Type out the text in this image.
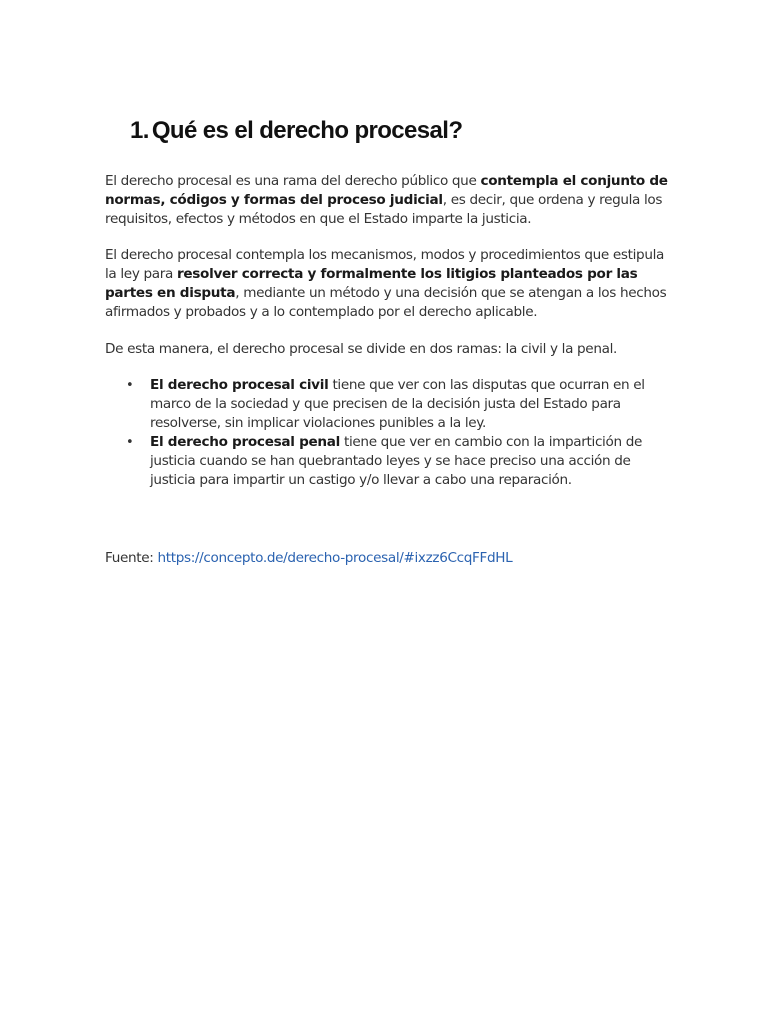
1. Qué es el derecho procesal?

El derecho procesal es una rama del derecho público que contempla el conjunto de normas, códigos y formas del proceso judicial, es decir, que ordena y regula los requisitos, efectos y métodos en que el Estado imparte la justicia.

El derecho procesal contempla los mecanismos, modos y procedimientos que estipula la ley para resolver correcta y formalmente los litigios planteados por las partes en disputa, mediante un método y una decisión que se atengan a los hechos afirmados y probados y a lo contemplado por el derecho aplicable.

De esta manera, el derecho procesal se divide en dos ramas: la civil y la penal.

• El derecho procesal civil tiene que ver con las disputas que ocurran en el marco de la sociedad y que precisen de la decisión justa del Estado para resolverse, sin implicar violaciones punibles a la ley.
• El derecho procesal penal tiene que ver en cambio con la impartición de justicia cuando se han quebrantado leyes y se hace preciso una acción de justicia para impartir un castigo y/o llevar a cabo una reparación.

Fuente: https://concepto.de/derecho-procesal/#ixzz6CcqFFdHL
